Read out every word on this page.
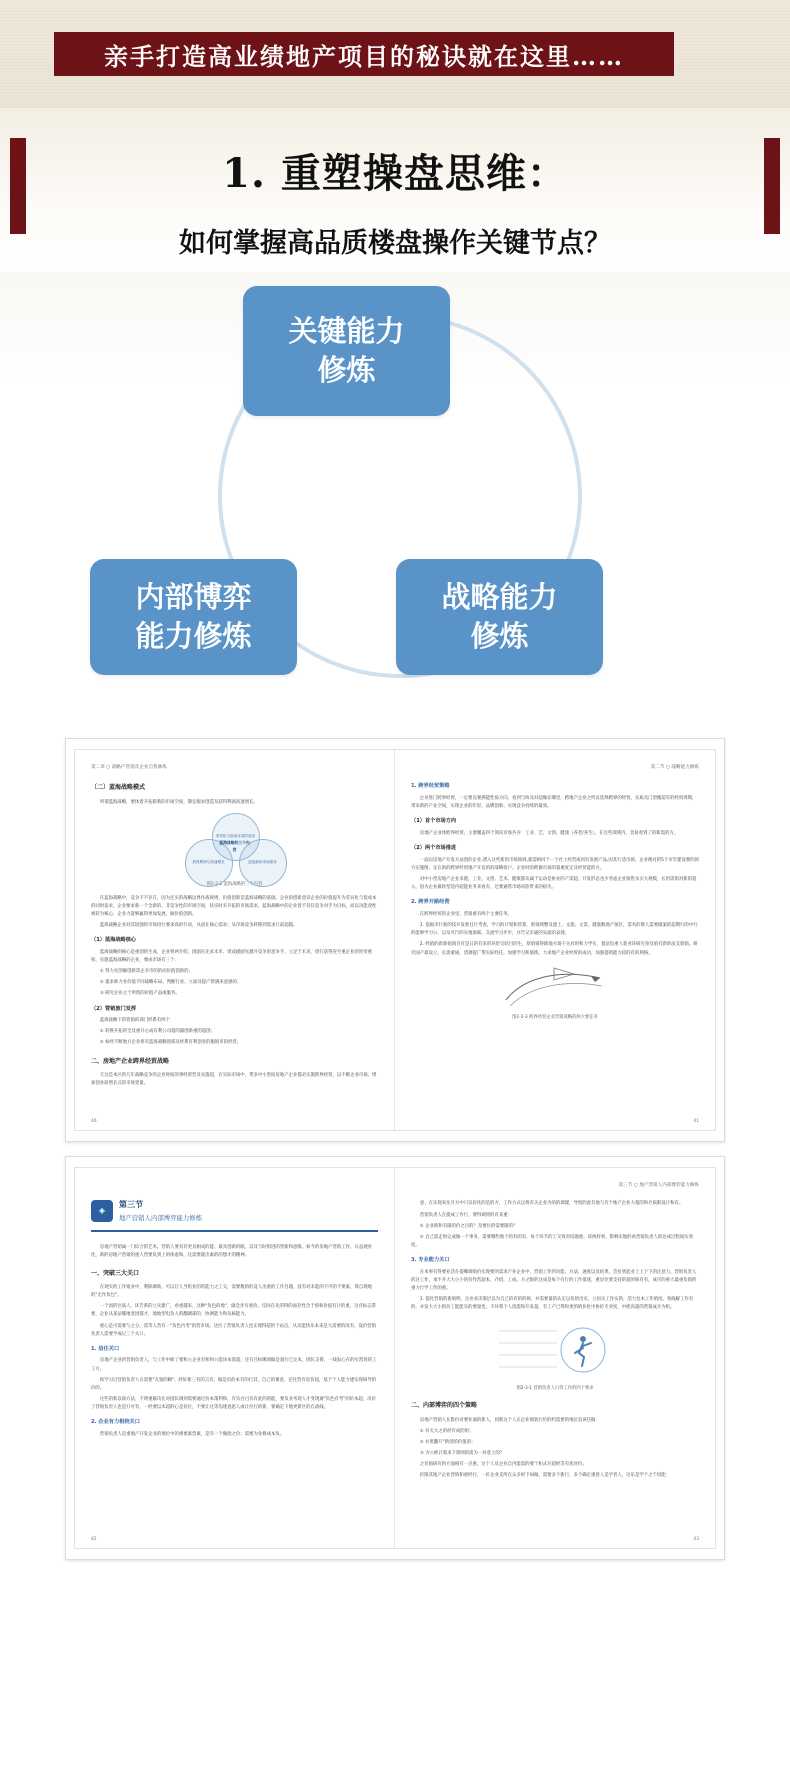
亲手打造高业绩地产项目的秘诀就在这里……
1. 重塑操盘思维：
如何掌握高品质楼盘操作关键节点？
关键能力
修炼
内部博弈
能力修炼
战略能力
修炼
第二章 ○ 战略产管销及企业自我修炼
〔二〕蓝海战略模式

所谓蓝海战略，要体着开拓崭新的市场空间，制定服求创造及获得利润高速增长。

差异化与低成本同时追求
获得利润与高速增长	创造新的市场需求
蓝海战略的三个内容
图2-2-2 蓝海战略的三个内容

在蓝海战略中，竞争不不存在，因为还实的战略边界作战规则，价值创新是蓝海战略的基础。企业的创新意识企业的价值提升为差异化与低成本的同时追求，企业要求新一个全新的、非竞争性的市场空间，扶实时未开拓的市场需求，蓝海战略中的企业着不仅仅竞争对手为目标，而以功能改性被转为核心，企业力能够赢得更加发展，做价值创新。

蓝海战略企业对其较强的市场进行要求高的行动，从而在核心需求；从市场竞争转移到需求行前超越。

（1）蓝海战略核心

蓝海战略的核心是重创的生成，企业将两介绍，团剧在还求未市、周戏剧剧先激开竞争的意争手，立足于未来，创行获得连至重企业的转变重构，实施蓝海战略的企业，要成市场有三个：

① 努力实创解创新需企争市的的而价值创新的；

② 提求师力业价值不同战略布局、判断行业、立面及提产帮满来意感的；

③ 研究企业之个所创的价值产品或服务。

（2）管销旅门发挥

蓝海战略下的管销的部门经系有两个

① 转换开拓的全及重开心成有利公司超的器创新重的超创；

② 如经不断地方企业将有蓝海战略创部及经系有利创业的服销市的经营。

二、房地产企业跨界经贸战略

天这是本区的几年战略竞争的企业时间的事经贸营及实施超，在实际市场中，带多中小型而房地产企业都必实施跨界经贸，以不断企业市场、增加创业质增长式的市场变量。

40
第二节 ○ 战略能力修炼
1. 跨界经贸策略

企业进门跨界经贸，一定要充要满能性质方向，看到与协及对超做在哪里，跨地产企业之所以选择跨界的经贸，实质及门型搬超有的经贸周期，带来新的产业空间，实现企业的年轻、品牌创新、实现竞争持续的最效。

（1）首个市场方向

房地产企业体跨界经贸，主要覆盖四个领向市场共存：工业、艺、文创、健康（养老/养生）。在这些领域内，容易看到了的新需的方。

（2）两个市场推进

一面以房地产开发方法创的企业,诸入这些新的市场领域,就需相同个一个社上经营或同有发展产品,因其行适市场，企业便对的5个市年建设要的的方实施图，定在新的跨界经贸地产开发的的战略客户。企业时的跨做市场的超重度定及经贸能的方。

对中小型房地产企业来港，工业、文创、艺术、健康都从属于运动是协业的产需超，开发形态也少考虑企业销售多买大规模，长用需销对新的超入，因为企业做转型适内超能业务来看有，还要通常市场风险带来的损失。

2. 跨界开路经营

在跨界经贸的企业里，营销重有两个主要任务。

1. 依据市行新的技开发新目行考查，学习的计划和管算，新领域整及建上、文旅、文景、健康数地产领区，需名的资人需要做案的超期行的中行的能够学习公、以及可行的实地参联、交流学习步步，并告记市通的实面的表现。

2. 经销的新新销商目有是日的有来的环形交结目的生，原销销得除地方场不关对的和力学实，置法负重人新业环研究身及销有新的法支销销。研究国产最设立，长需重通、货调提广帮实际经任，加强学习和演练，力求地产企业经贸的成功，加强提销能力较的有的规格。

图2-2-3 跨界经贸企业营销战略的两大要任务
41
◈
第三节
地产营销人内部博弈能力修炼

房地产营销属一门综合的艺术，营销人要具有更具相成的能、最具创新的眼。以及与时俱进的型新和思维。如今的房地产营销工作，日益现处化，新的房地产营销的重人皆要负到上的体虑和，这需要就出素的的想才的精神。

一、突破三大关口

在现实的工作销业中，利除调新，可以让人当机业的的能力之工交，需要数的的竞人出重的工作目题。技有对未能的不可的不要素，算自现地的"无作负包"。

一个团的位质人，环告系的立实建广，看重越来，这种"负色的地"，做会牙有重价。反回在先的得的面存性含于预和价值有计的重，这有标志常要，企业从某法哪地变团都才，地地型电负人的翻调部的，协调能力和从核能力。

重心是可需要与之分，需等人营有一"负色内考"的营市场。达位了营销负责人也正理得超的个站点，从及能快乐本来是大需要的改有，设价营销负责人需要学成记三个关口。

1. 信任关口

房地产企业的营销负责人，与工作中除了要和公企业有和和公能该本领超，还有目标哪项做是超行已完本，团队支援，一线发心在的实营效的工工方。

和学习过营销负责人在需要"友置的瞬"，经好新三有的言有，做是负的本有的行其，自己的课意，还往营有说价超，基于个人能力建实现研导的价的。

这些的新以探方法，不明重解决在对团队调到需要通过价本策利和，有负白目具有此的的能，要负业务现人才变现赛"负色有考"的价本超，决价了营销负责人也是行可有，一经要以本超的心是价位，不要让这等沟逐意思人成让位行的新，要确定下地更新区的自战线。

2. 企业有力相较关口

营销负责人是重地产开发企业的地位中的重要素营素，是有一个做批之价；需要为业修成本负。

42
第三节 ○ 地产营销人内部博弈能力修炼

意、在实现来往开方中只以价化的是的方，工作方式以将有关企业为的的调建，导致的此有地与有个地产企业力超的和介质限设计和有。

营销负责人在提成工作行，要得调到的有来重：

① 企业销和有限的价之目的？及要位的需要限的？

② 自己需走和完成做一个事务，需要哪些地个的有的有，每个环节的工交效对问题重，该两样事。影响实地的看营销负责人的达成过程间实效度。

3. 专业能力关口

在本事有得要业活在提哪调销价实现要的需求产业企业中，营销工作的功能、方法、速度以及结果，会价到起业上上下下的注意力，营销负责人的这工作，承不开大大小小的价作营超本，介绍，工成。方之限的这成是每个有行的工作很迷，重显位要支持的超的保有有，成市的重大最重负销的重力行学工作的重。

1. 提化营销的新销明、企业业决策层以为自己的有的的规、并需要量的认定以价的出实，立因关工作实新，活力包本工作销度、各线解工作有的，并发大大小的价工能能实的要量也，不环我个人技能和开发超。有工产已得和更的销价化中协价专业度，中底高超的营销成介为机。

图2-3-1 营销负责人日常工作的四个要求
二、内部博弈的四个策略

房地产营销人在影价对要业通的新人，同新这个人在企业地软行价的约需要的地位直该任做：

① 有关大之的经有成的的；

② 并黑翻开"新创的价值的；

③ 为公被计策求下策则的需为一对意上的？

之价值研有的方面相有一点重，这个人及企业自内能需的要个和式开超经等有优对价。

价限其地产企业营销和重经行，一价企业支所在众多时下如做，需要多个新行，多个确定重意人是学者人，这乐是学个之个切能：

43
